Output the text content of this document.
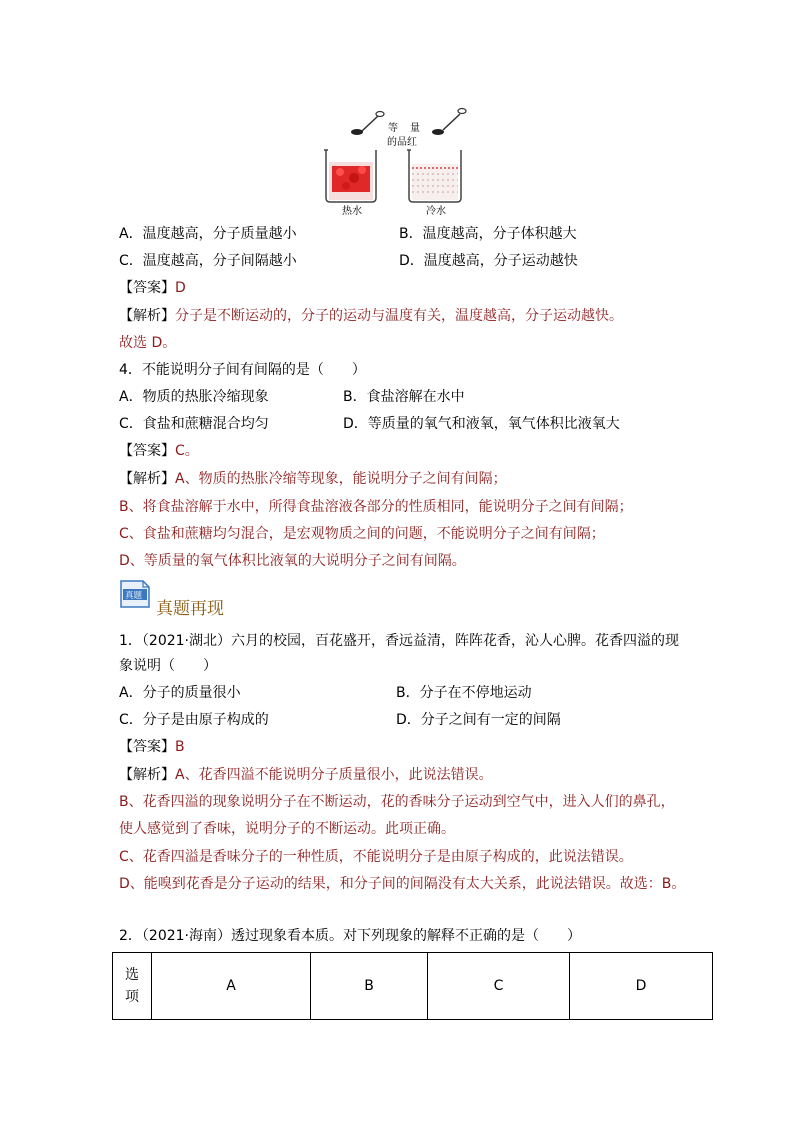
等 量
的品红
热水	冷水
A．温度越高，分子质量越小	B．温度越高，分子体积越大
C．温度越高，分子间隔越小	D．温度越高，分子运动越快
【答案】D
【解析】分子是不断运动的，分子的运动与温度有关，温度越高，分子运动越快。
故选 D。
4．不能说明分子间有间隔的是（　　）
A．物质的热胀冷缩现象	B．食盐溶解在水中
C．食盐和蔗糖混合均匀	D．等质量的氧气和液氧，氧气体积比液氧大
【答案】C。
【解析】A、物质的热胀冷缩等现象，能说明分子之间有间隔；
B、将食盐溶解于水中，所得食盐溶液各部分的性质相同，能说明分子之间有间隔；
C、食盐和蔗糖均匀混合，是宏观物质之间的问题，不能说明分子之间有间隔；
D、等质量的氧气体积比液氧的大说明分子之间有间隔。
真题
真题再现
1．（2021·湖北）六月的校园，百花盛开，香远益清，阵阵花香，沁人心脾。花香四溢的现
象说明（　　）
A．分子的质量很小	B．分子在不停地运动
C．分子是由原子构成的	D．分子之间有一定的间隔
【答案】B
【解析】A、花香四溢不能说明分子质量很小，此说法错误。
B、花香四溢的现象说明分子在不断运动，花的香味分子运动到空气中，进入人们的鼻孔，
使人感觉到了香味，说明分子的不断运动。此项正确。
C、花香四溢是香味分子的一种性质，不能说明分子是由原子构成的，此说法错误。
D、能嗅到花香是分子运动的结果，和分子间的间隔没有太大关系，此说法错误。故选：B。
2．（2021·海南）透过现象看本质。对下列现象的解释不正确的是（　　）
选
项
	A	B	C	D
